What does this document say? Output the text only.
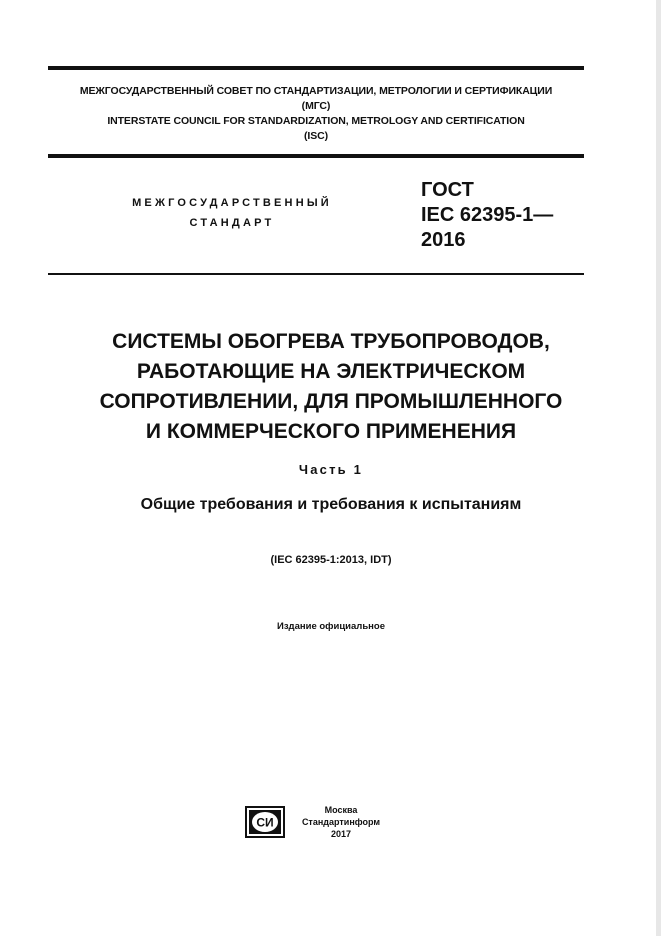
МЕЖГОСУДАРСТВЕННЫЙ СОВЕТ ПО СТАНДАРТИЗАЦИИ, МЕТРОЛОГИИ И СЕРТИФИКАЦИИ
(МГС)
INTERSTATE COUNCIL FOR STANDARDIZATION, METROLOGY AND CERTIFICATION
(ISC)
МЕЖГОСУДАРСТВЕННЫЙ
СТАНДАРТ
ГОСТ
IEC 62395-1—
2016
СИСТЕМЫ ОБОГРЕВА ТРУБОПРОВОДОВ,
РАБОТАЮЩИЕ НА ЭЛЕКТРИЧЕСКОМ
СОПРОТИВЛЕНИИ, ДЛЯ ПРОМЫШЛЕННОГО
И КОММЕРЧЕСКОГО ПРИМЕНЕНИЯ
Часть 1
Общие требования и требования к испытаниям
(IEC 62395-1:2013, IDT)
Издание официальное
СИ
Москва
Стандартинформ
2017
